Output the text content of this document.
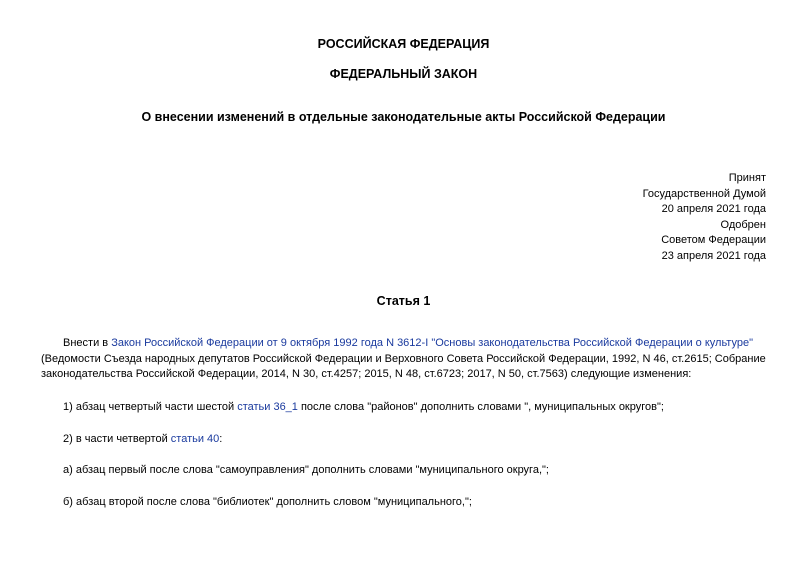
РОССИЙСКАЯ ФЕДЕРАЦИЯ
ФЕДЕРАЛЬНЫЙ ЗАКОН
О внесении изменений в отдельные законодательные акты Российской Федерации
Принят
Государственной Думой
20 апреля 2021 года
Одобрен
Советом Федерации
23 апреля 2021 года
Статья 1
Внести в Закон Российской Федерации от 9 октября 1992 года N 3612-I "Основы законодательства Российской Федерации о культуре"
(Ведомости Съезда народных депутатов Российской Федерации и Верховного Совета Российской Федерации, 1992, N 46, ст.2615; Собрание
законодательства Российской Федерации, 2014, N 30, ст.4257; 2015, N 48, ст.6723; 2017, N 50, ст.7563) следующие изменения:
1) абзац четвертый части шестой статьи 36_1 после слова "районов" дополнить словами ", муниципальных округов";
2) в части четвертой статьи 40:
а) абзац первый после слова "самоуправления" дополнить словами "муниципального округа,";
б) абзац второй после слова "библиотек" дополнить словом "муниципального,";
